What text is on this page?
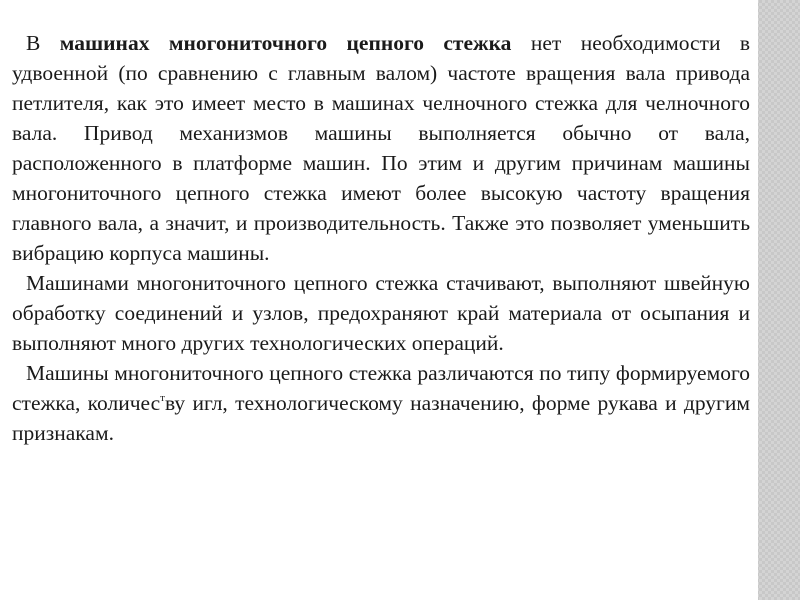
В машинах многониточного цепного стежка нет необходимости в удвоенной (по сравнению с главным валом) частоте вращения вала привода петлителя, как это имеет место в машинах челночного стежка для челночного вала. Привод механизмов машины выполняется обычно от вала, расположенного в платформе машин. По этим и другим причинам машины многониточного цепного стежка имеют более высокую частоту вращения главного вала, а значит, и производительность. Также это позволяет уменьшить вибрацию корпуса машины.

Машинами многониточного цепного стежка стачивают, выполняют швейную обработку соединений и узлов, предохраняют край материала от осыпания и выполняют много других технологических операций.

Машины многониточного цепного стежка различаются по типу формируемого стежка, количес$^т$ву игл, технологическому назначению, форме рукава и другим признакам.
